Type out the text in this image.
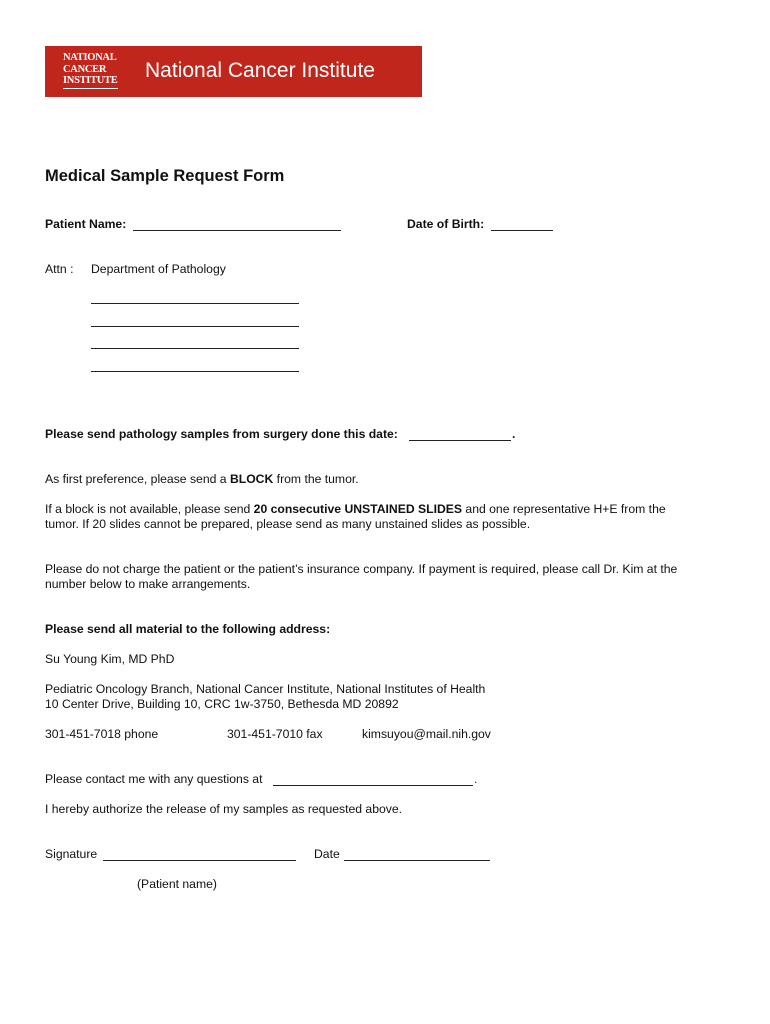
NATIONAL
CANCER
INSTITUTE National Cancer Institute
Medical Sample Request Form
Patient Name:	Date of Birth:
Attn : Department of Pathology
Please send pathology samples from surgery done this date:	.
As first preference, please send a BLOCK from the tumor.
If a block is not available, please send 20 consecutive UNSTAINED SLIDES and one representative H+E from the
tumor. If 20 slides cannot be prepared, please send as many unstained slides as possible.
Please do not charge the patient or the patient’s insurance company. If payment is required, please call Dr. Kim at the
number below to make arrangements.
Please send all material to the following address:
Su Young Kim, MD PhD
Pediatric Oncology Branch, National Cancer Institute, National Institutes of Health
10 Center Drive, Building 10, CRC 1w-3750, Bethesda MD 20892
301-451-7018 phone	301-451-7010 fax	kimsuyou@mail.nih.gov
Please contact me with any questions at	.
I hereby authorize the release of my samples as requested above.
Signature	Date
(Patient name)
